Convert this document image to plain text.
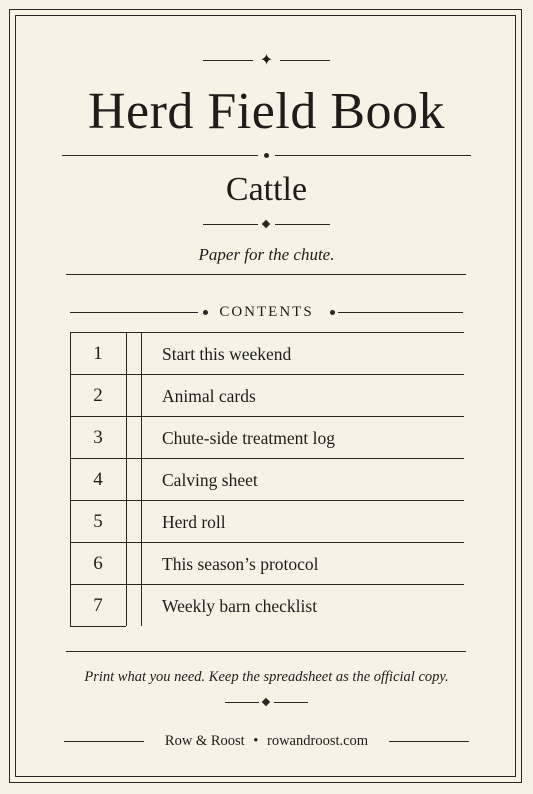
✦
Herd Field Book
Cattle
Paper for the chute.
CONTENTS
1	Start this weekend
2	Animal cards
3	Chute-side treatment log
4	Calving sheet
5	Herd roll
6	This season’s protocol
7	Weekly barn checklist
Print what you need. Keep the spreadsheet as the official copy.
Row & Roost • rowandroost.com
